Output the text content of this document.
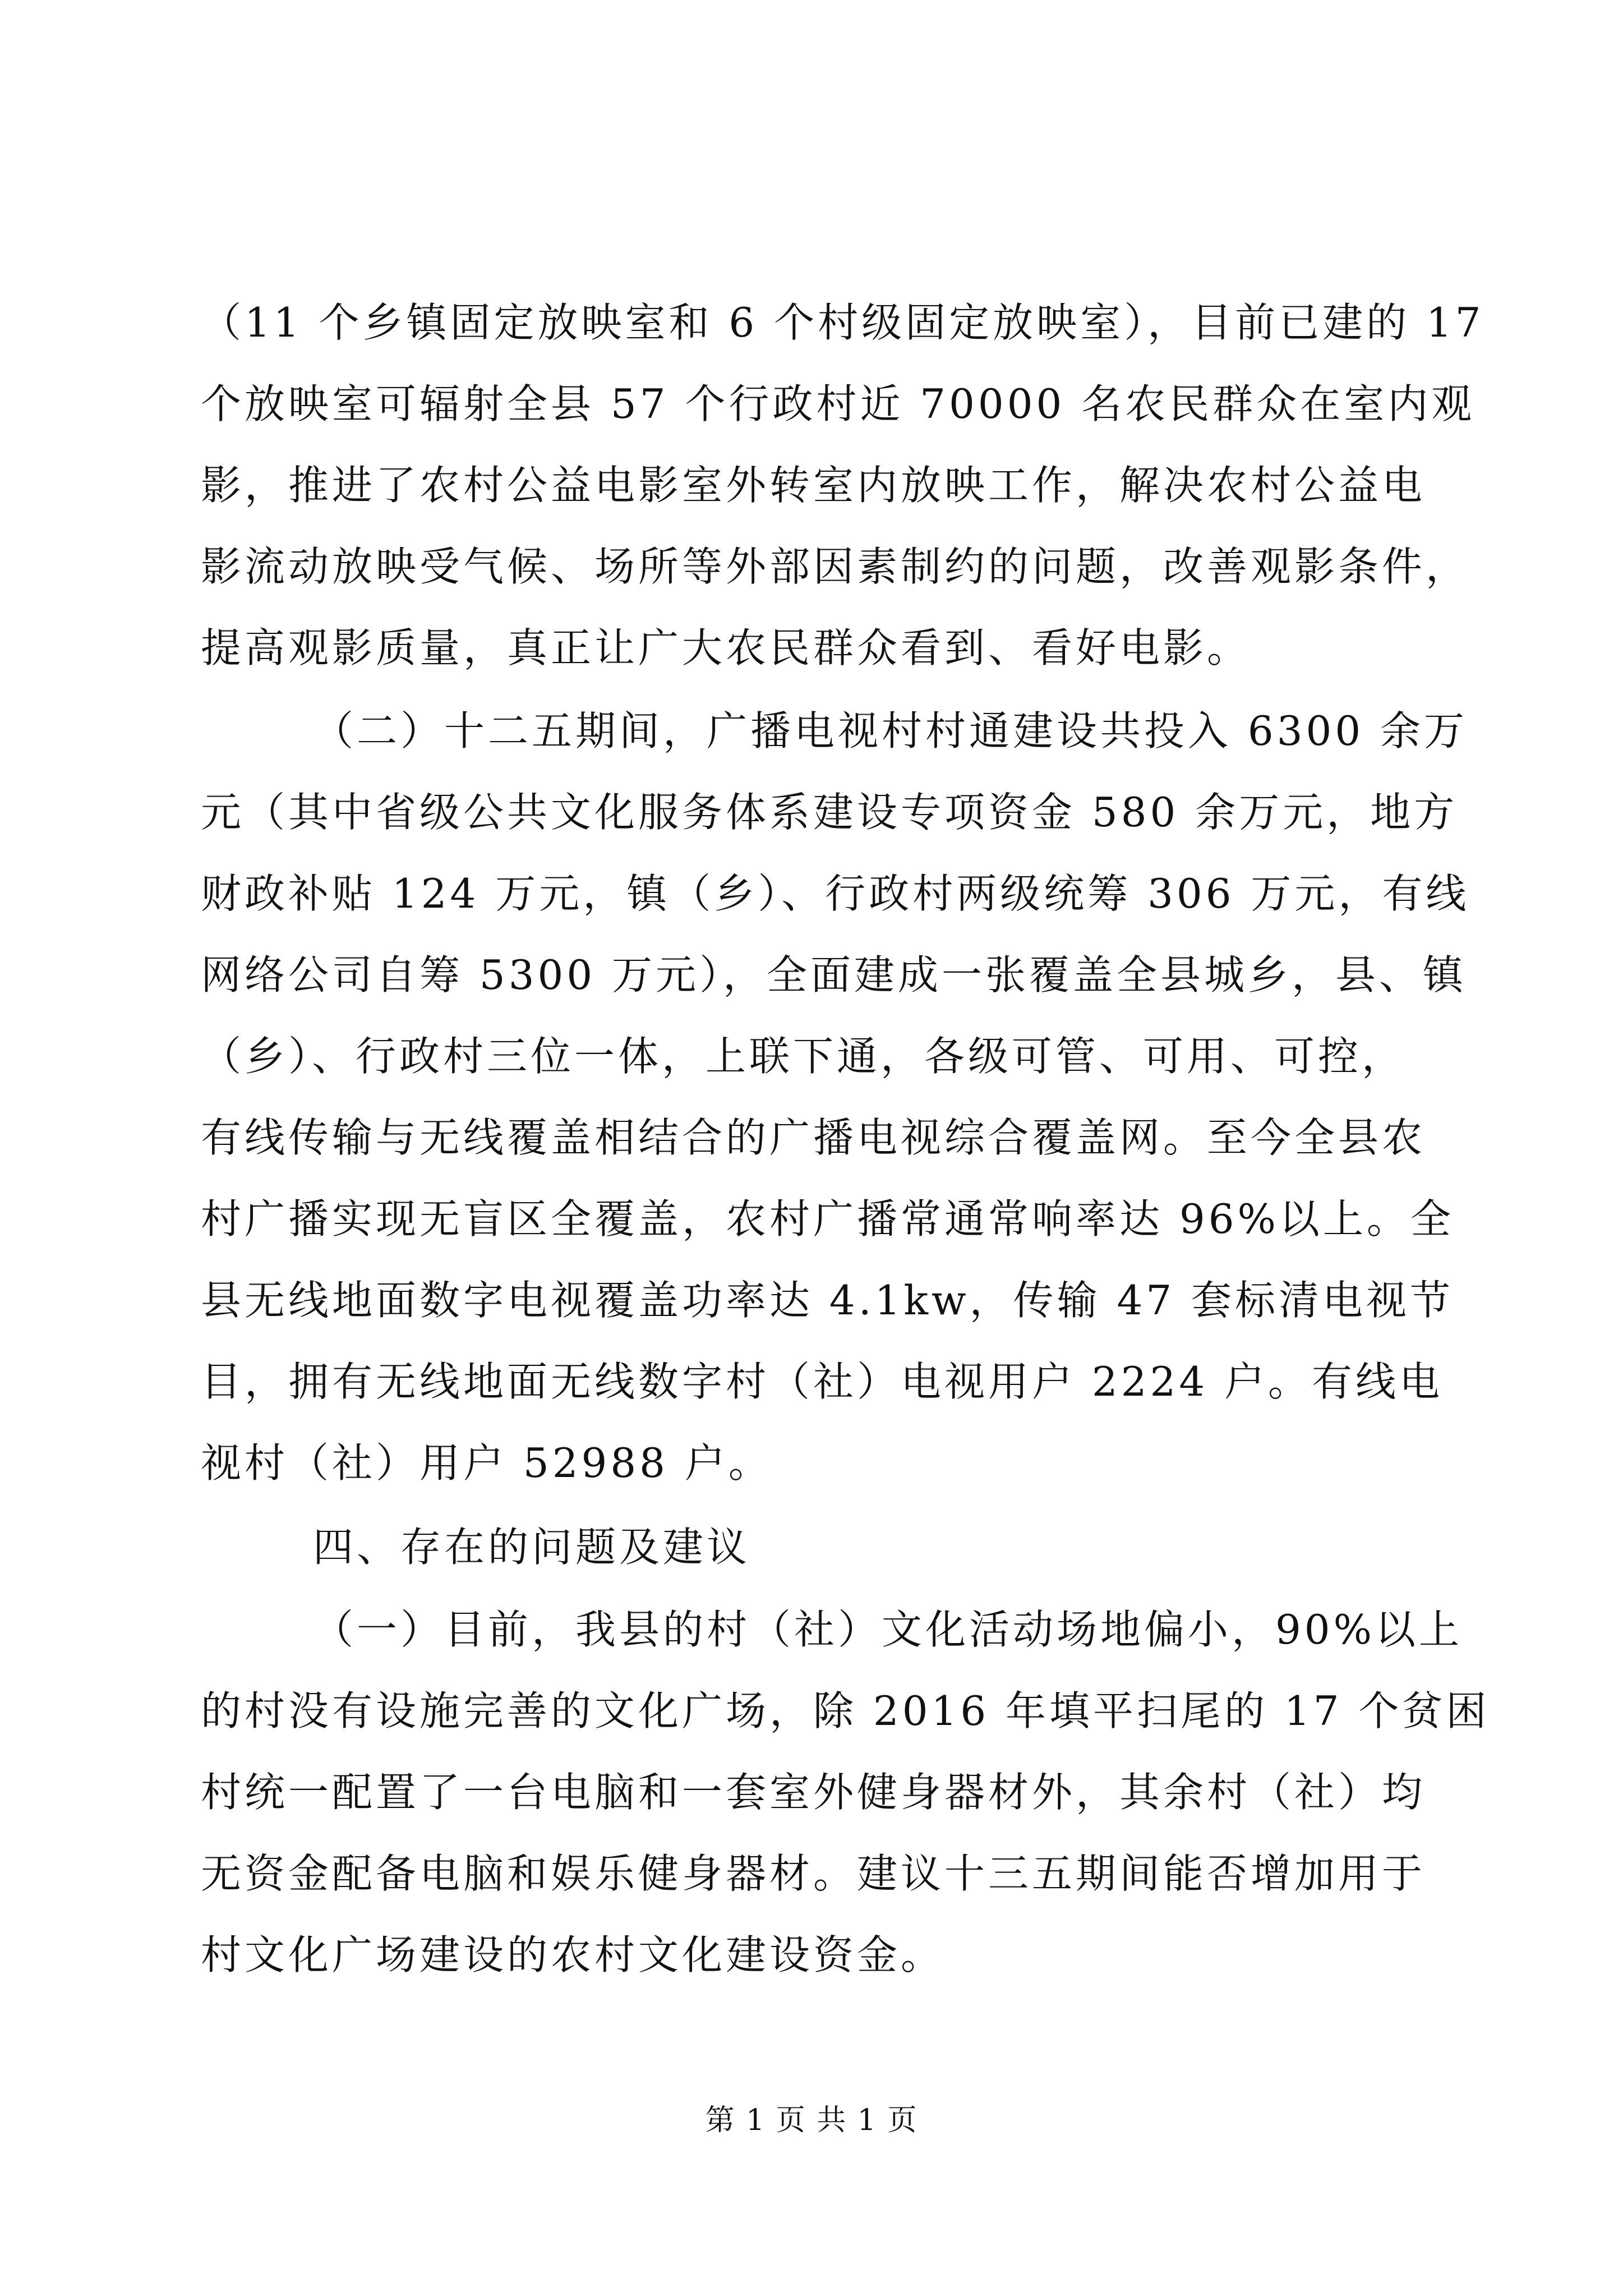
（11 个乡镇固定放映室和 6 个村级固定放映室），目前已建的 17
个放映室可辐射全县 57 个行政村近 70000 名农民群众在室内观
影，推进了农村公益电影室外转室内放映工作，解决农村公益电
影流动放映受气候、场所等外部因素制约的问题，改善观影条件，
提高观影质量，真正让广大农民群众看到、看好电影。
（二）十二五期间，广播电视村村通建设共投入 6300 余万
元（其中省级公共文化服务体系建设专项资金 580 余万元，地方
财政补贴 124 万元，镇（乡）、行政村两级统筹 306 万元，有线
网络公司自筹 5300 万元），全面建成一张覆盖全县城乡，县、镇
（乡）、行政村三位一体，上联下通，各级可管、可用、可控，
有线传输与无线覆盖相结合的广播电视综合覆盖网。至今全县农
村广播实现无盲区全覆盖，农村广播常通常响率达 96%以上。全
县无线地面数字电视覆盖功率达 4.1kw，传输 47 套标清电视节
目，拥有无线地面无线数字村（社）电视用户 2224 户。有线电
视村（社）用户 52988 户。
四、存在的问题及建议
（一）目前，我县的村（社）文化活动场地偏小，90%以上
的村没有设施完善的文化广场，除 2016 年填平扫尾的 17 个贫困
村统一配置了一台电脑和一套室外健身器材外，其余村（社）均
无资金配备电脑和娱乐健身器材。建议十三五期间能否增加用于
村文化广场建设的农村文化建设资金。
第 1 页 共 1 页
